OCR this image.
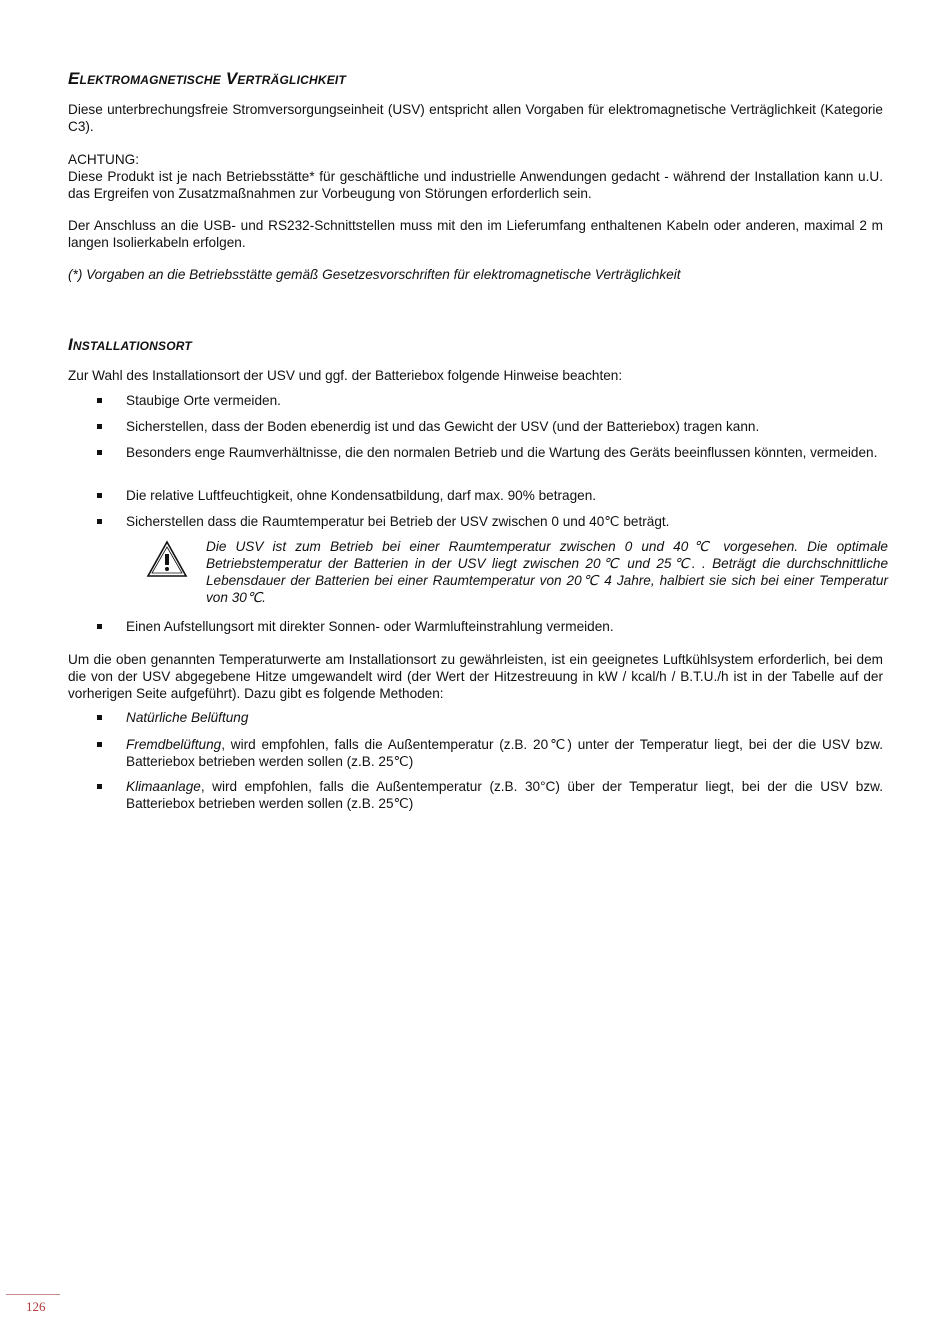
Elektromagnetische Verträglichkeit

Diese unterbrechungsfreie Stromversorgungseinheit (USV) entspricht allen Vorgaben für elektromagnetische Verträglichkeit (Kategorie C3).

ACHTUNG:

Diese Produkt ist je nach Betriebsstätte* für geschäftliche und industrielle Anwendungen gedacht - während der Installation kann u.U. das Ergreifen von Zusatzmaßnahmen zur Vorbeugung von Störungen erforderlich sein.

Der Anschluss an die USB- und RS232-Schnittstellen muss mit den im Lieferumfang enthaltenen Kabeln oder anderen, maximal 2 m langen Isolierkabeln erfolgen.

(*) Vorgaben an die Betriebsstätte gemäß Gesetzesvorschriften für elektromagnetische Verträglichkeit

Installationsort

Zur Wahl des Installationsort der USV und ggf. der Batteriebox folgende Hinweise beachten:

Staubige Orte vermeiden.
Sicherstellen, dass der Boden ebenerdig ist und das Gewicht der USV (und der Batteriebox) tragen kann.
Besonders enge Raumverhältnisse, die den normalen Betrieb und die Wartung des Geräts beeinflussen könnten, vermeiden.
Die relative Luftfeuchtigkeit, ohne Kondensatbildung, darf max. 90% betragen.
Sicherstellen dass die Raumtemperatur bei Betrieb der USV zwischen 0 und 40℃ beträgt.
Die USV ist zum Betrieb bei einer Raumtemperatur zwischen 0 und 40℃ vorgesehen. Die optimale Betriebstemperatur der Batterien in der USV liegt zwischen 20℃ und 25℃. . Beträgt die durchschnittliche Lebensdauer der Batterien bei einer Raumtemperatur von 20℃ 4 Jahre, halbiert sie sich bei einer Temperatur von 30℃.
Einen Aufstellungsort mit direkter Sonnen- oder Warmlufteinstrahlung vermeiden.

Um die oben genannten Temperaturwerte am Installationsort zu gewährleisten, ist ein geeignetes Luftkühlsystem erforderlich, bei dem die von der USV abgegebene Hitze umgewandelt wird (der Wert der Hitzestreuung in kW / kcal/h / B.T.U./h ist in der Tabelle auf der vorherigen Seite aufgeführt). Dazu gibt es folgende Methoden:

Natürliche Belüftung
Fremdbelüftung, wird empfohlen, falls die Außentemperatur (z.B. 20℃) unter der Temperatur liegt, bei der die USV bzw. Batteriebox betrieben werden sollen (z.B. 25℃)
Klimaanlage, wird empfohlen, falls die Außentemperatur (z.B. 30°C) über der Temperatur liegt, bei der die USV bzw. Batteriebox betrieben werden sollen (z.B. 25℃)
126
